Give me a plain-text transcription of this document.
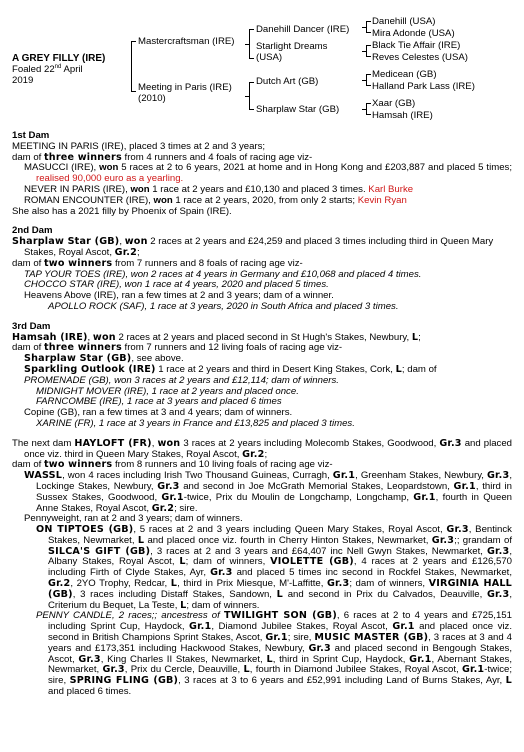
A GREY FILLY (IRE)
Foaled 22nd April
2019
Mastercraftsman (IRE)
Meeting in Paris (IRE)
(2010)
Danehill Dancer (IRE)
Starlight Dreams
(USA)
Dutch Art (GB)
Sharplaw Star (GB)
Danehill (USA)
Mira Adonde (USA)
Black Tie Affair (IRE)
Reves Celestes (USA)
Medicean (GB)
Halland Park Lass (IRE)
Xaar (GB)
Hamsah (IRE)

1st Dam

MEETING IN PARIS (IRE), placed 3 times at 2 and 3 years;

dam of three winners from 4 runners and 4 foals of racing age viz-

MASUCCI (IRE), won 5 races at 2 to 6 years, 2021 at home and in Hong Kong and £203,887 and placed 5 times; realised 90,000 euro as a yearling.

NEVER IN PARIS (IRE), won 1 race at 2 years and £10,130 and placed 3 times. Karl Burke

ROMAN ENCOUNTER (IRE), won 1 race at 2 years, 2020, from only 2 starts; Kevin Ryan

She also has a 2021 filly by Phoenix of Spain (IRE).

2nd Dam

Sharplaw Star (GB), won 2 races at 2 years and £24,259 and placed 3 times including third in Queen Mary Stakes, Royal Ascot, Gr.2;

dam of two winners from 7 runners and 8 foals of racing age viz-

TAP YOUR TOES (IRE), won 2 races at 4 years in Germany and £10,068 and placed 4 times.

CHOCCO STAR (IRE), won 1 race at 4 years, 2020 and placed 5 times.

Heavens Above (IRE), ran a few times at 2 and 3 years; dam of a winner.

APOLLO ROCK (SAF), 1 race at 3 years, 2020 in South Africa and placed 3 times.

3rd Dam

Hamsah (IRE), won 2 races at 2 years and placed second in St Hugh's Stakes, Newbury, L;

dam of three winners from 7 runners and 12 living foals of racing age viz-

Sharplaw Star (GB), see above.

Sparkling Outlook (IRE) 1 race at 2 years and third in Desert King Stakes, Cork, L; dam of

PROMENADE (GB), won 3 races at 2 years and £12,114; dam of winners.

MIDNIGHT MOVER (IRE), 1 race at 2 years and placed once.

FARNCOMBE (IRE), 1 race at 3 years and placed 6 times

Copine (GB), ran a few times at 3 and 4 years; dam of winners.

XARINE (FR), 1 race at 3 years in France and £13,825 and placed 3 times.

The next dam HAYLOFT (FR), won 3 races at 2 years including Molecomb Stakes, Goodwood, Gr.3 and placed once viz. third in Queen Mary Stakes, Royal Ascot, Gr.2;

dam of two winners from 8 runners and 10 living foals of racing age viz-

WASSL, won 4 races including Irish Two Thousand Guineas, Curragh, Gr.1, Greenham Stakes, Newbury, Gr.3, Lockinge Stakes, Newbury, Gr.3 and second in Joe McGrath Memorial Stakes, Leopardstown, Gr.1, third in Sussex Stakes, Goodwood, Gr.1-twice, Prix du Moulin de Longchamp, Longchamp, Gr.1, fourth in Queen Anne Stakes, Royal Ascot, Gr.2; sire.

Pennyweight, ran at 2 and 3 years; dam of winners.

ON TIPTOES (GB), 5 races at 2 and 3 years including Queen Mary Stakes, Royal Ascot, Gr.3, Bentinck Stakes, Newmarket, L and placed once viz. fourth in Cherry Hinton Stakes, Newmarket, Gr.3;; grandam of SILCA'S GIFT (GB), 3 races at 2 and 3 years and £64,407 inc Nell Gwyn Stakes, Newmarket, Gr.3, Albany Stakes, Royal Ascot, L; dam of winners, VIOLETTE (GB), 4 races at 2 years and £126,570 including Firth of Clyde Stakes, Ayr, Gr.3 and placed 5 times inc second in Rockfel Stakes, Newmarket, Gr.2, 2YO Trophy, Redcar, L, third in Prix Miesque, M'-Laffitte, Gr.3; dam of winners, VIRGINIA HALL (GB), 3 races including Distaff Stakes, Sandown, L and second in Prix du Calvados, Deauville, Gr.3, Criterium du Bequet, La Teste, L; dam of winners.

PENNY CANDLE, 2 races;; ancestress of TWILIGHT SON (GB), 6 races at 2 to 4 years and £725,151 including Sprint Cup, Haydock, Gr.1, Diamond Jubilee Stakes, Royal Ascot, Gr.1 and placed once viz. second in British Champions Sprint Stakes, Ascot, Gr.1; sire, MUSIC MASTER (GB), 3 races at 3 and 4 years and £173,351 including Hackwood Stakes, Newbury, Gr.3 and placed second in Bengough Stakes, Ascot, Gr.3, King Charles II Stakes, Newmarket, L, third in Sprint Cup, Haydock, Gr.1, Abernant Stakes, Newmarket, Gr.3, Prix du Cercle, Deauville, L, fourth in Diamond Jubilee Stakes, Royal Ascot, Gr.1-twice; sire, SPRING FLING (GB), 3 races at 3 to 6 years and £52,991 including Land of Burns Stakes, Ayr, L and placed 6 times.
